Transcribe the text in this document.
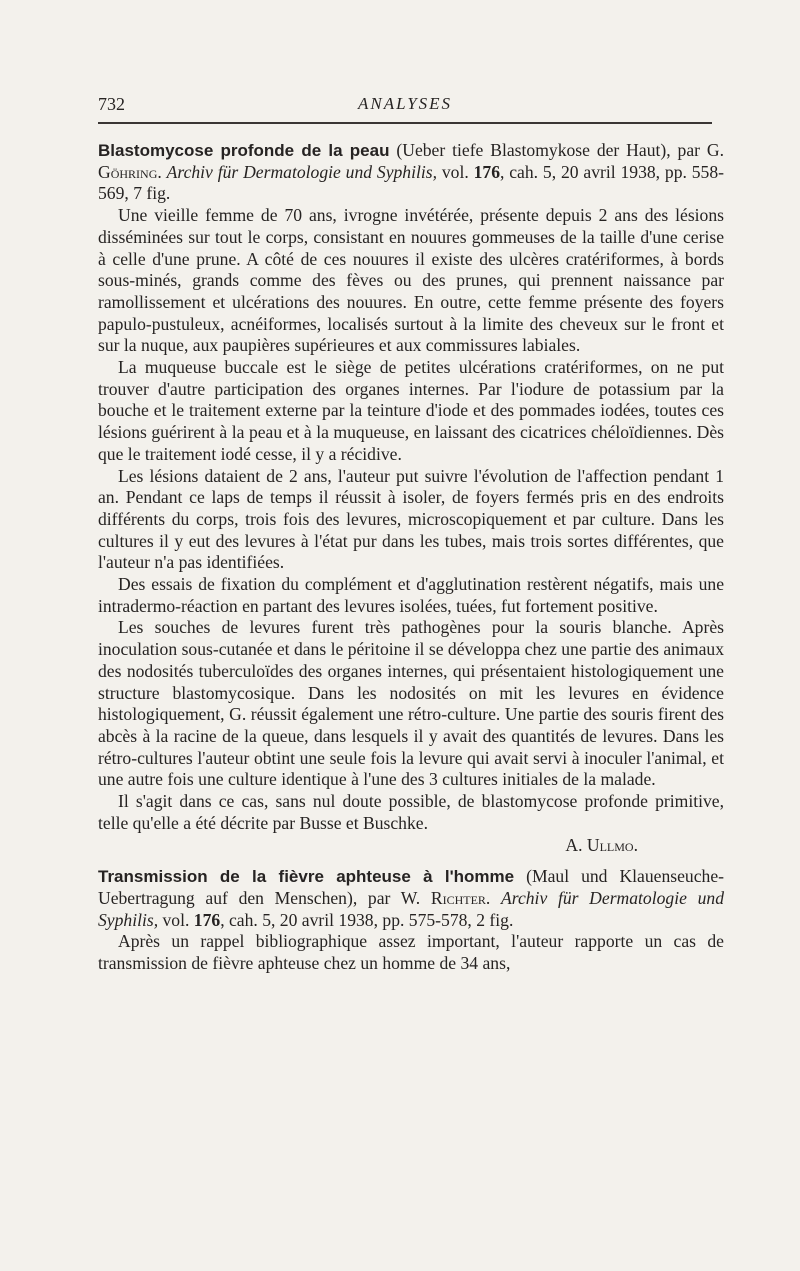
732	ANALYSES

Blastomycose profonde de la peau (Ueber tiefe Blastomykose der Haut), par G. Göhring. Archiv für Dermatologie und Syphilis, vol. 176, cah. 5, 20 avril 1938, pp. 558-569, 7 fig.

Une vieille femme de 70 ans, ivrogne invétérée, présente depuis 2 ans des lésions disséminées sur tout le corps, consistant en nouures gommeuses de la taille d'une cerise à celle d'une prune. A côté de ces nouures il existe des ulcères cratériformes, à bords sous-minés, grands comme des fèves ou des prunes, qui prennent naissance par ramollissement et ulcérations des nouures. En outre, cette femme présente des foyers papulo-pustuleux, acnéiformes, localisés surtout à la limite des cheveux sur le front et sur la nuque, aux paupières supérieures et aux commissures labiales.

La muqueuse buccale est le siège de petites ulcérations cratériformes, on ne put trouver d'autre participation des organes internes. Par l'iodure de potassium par la bouche et le traitement externe par la teinture d'iode et des pommades iodées, toutes ces lésions guérirent à la peau et à la muqueuse, en laissant des cicatrices chéloïdiennes. Dès que le traitement iodé cesse, il y a récidive.

Les lésions dataient de 2 ans, l'auteur put suivre l'évolution de l'affection pendant 1 an. Pendant ce laps de temps il réussit à isoler, de foyers fermés pris en des endroits différents du corps, trois fois des levures, microscopiquement et par culture. Dans les cultures il y eut des levures à l'état pur dans les tubes, mais trois sortes différentes, que l'auteur n'a pas identifiées.

Des essais de fixation du complément et d'agglutination restèrent négatifs, mais une intradermo-réaction en partant des levures isolées, tuées, fut fortement positive.

Les souches de levures furent très pathogènes pour la souris blanche. Après inoculation sous-cutanée et dans le péritoine il se développa chez une partie des animaux des nodosités tuberculoïdes des organes internes, qui présentaient histologiquement une structure blastomycosique. Dans les nodosités on mit les levures en évidence histologiquement, G. réussit également une rétro-culture. Une partie des souris firent des abcès à la racine de la queue, dans lesquels il y avait des quantités de levures. Dans les rétro-cultures l'auteur obtint une seule fois la levure qui avait servi à inoculer l'animal, et une autre fois une culture identique à l'une des 3 cultures initiales de la malade.

Il s'agit dans ce cas, sans nul doute possible, de blastomycose profonde primitive, telle qu'elle a été décrite par Busse et Buschke.

A. Ullmo.

Transmission de la fièvre aphteuse à l'homme (Maul und Klauenseuche-Uebertragung auf den Menschen), par W. Richter. Archiv für Dermatologie und Syphilis, vol. 176, cah. 5, 20 avril 1938, pp. 575-578, 2 fig.

Après un rappel bibliographique assez important, l'auteur rapporte un cas de transmission de fièvre aphteuse chez un homme de 34 ans,
